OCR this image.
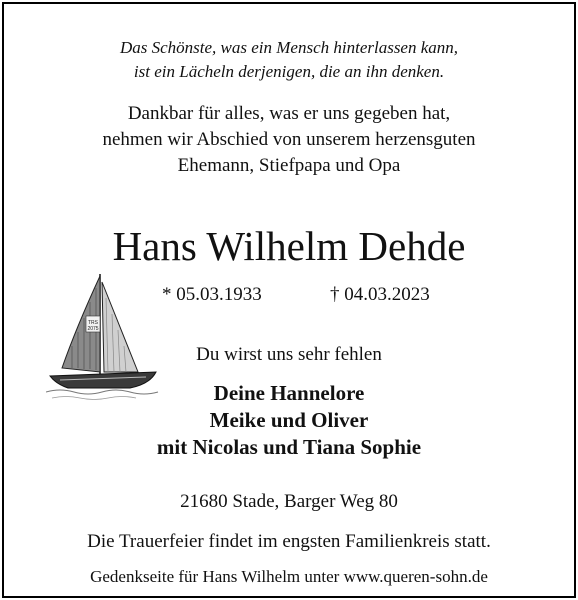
Das Schönste, was ein Mensch hinterlassen kann,
ist ein Lächeln derjenigen, die an ihn denken.
Dankbar für alles, was er uns gegeben hat,
nehmen wir Abschied von unserem herzensguten
Ehemann, Stiefpapa und Opa
Hans Wilhelm Dehde
* 05.03.1933	† 04.03.2023
TRS
2075
Du wirst uns sehr fehlen
Deine Hannelore
Meike und Oliver
mit Nicolas und Tiana Sophie
21680 Stade, Barger Weg 80
Die Trauerfeier findet im engsten Familienkreis statt.
Gedenkseite für Hans Wilhelm unter www.queren-sohn.de
